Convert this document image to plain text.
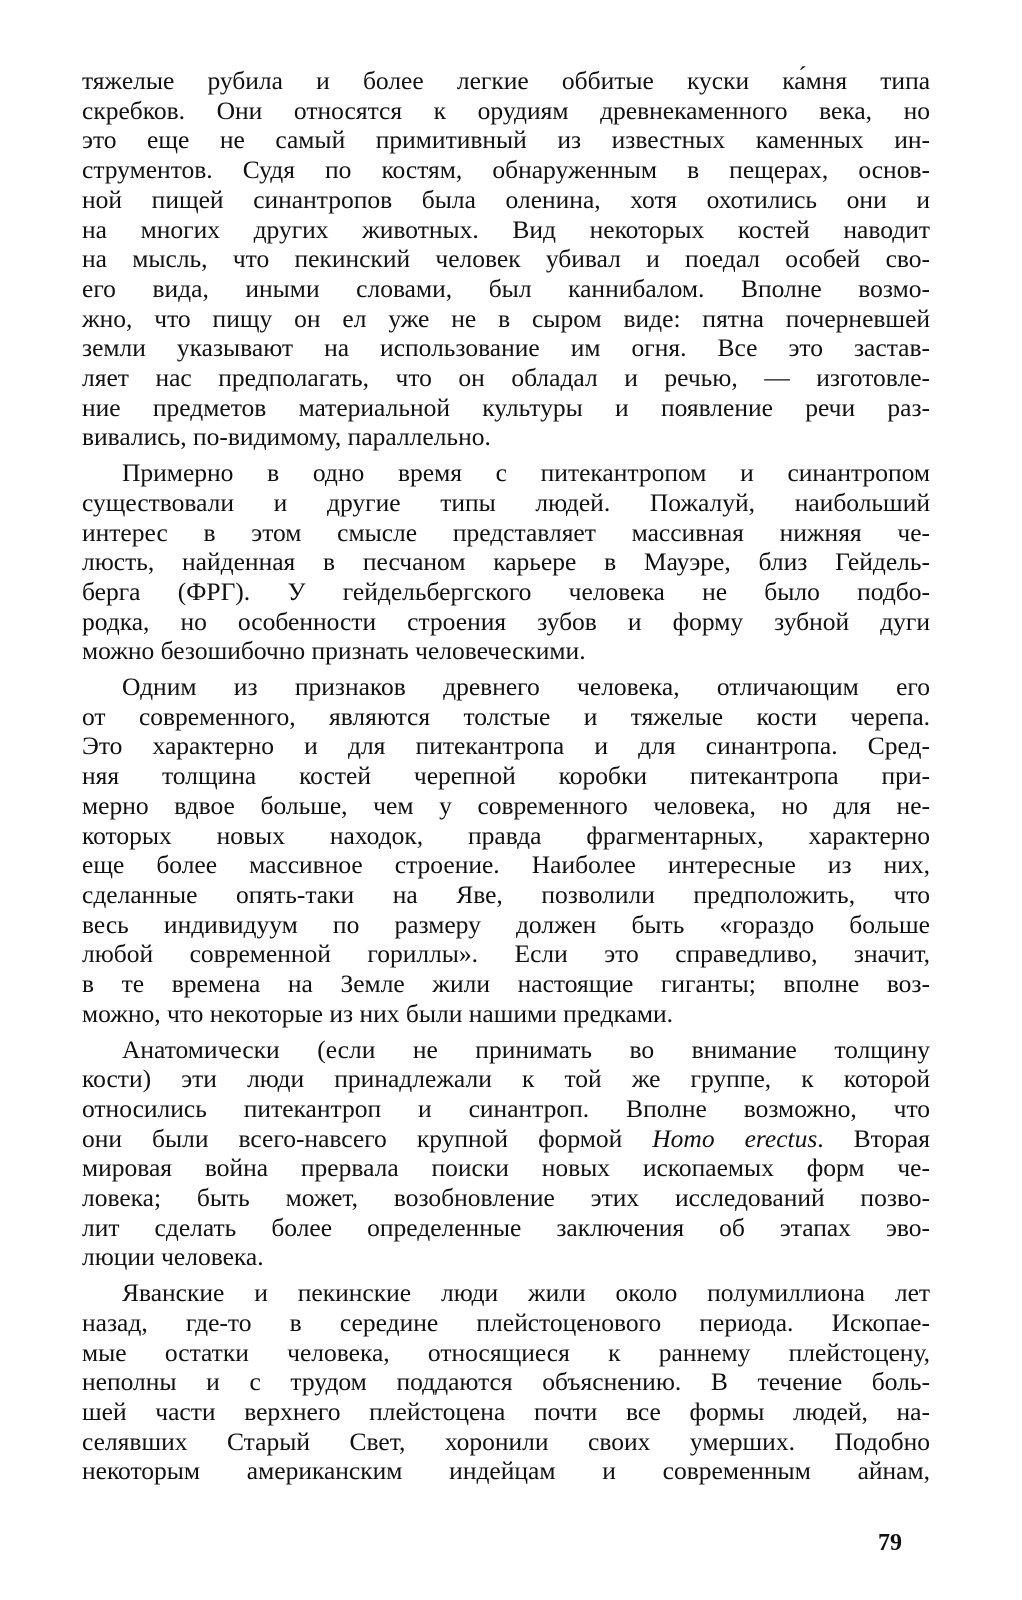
тяжелые рубила и более легкие оббитые куски ка́мня типа
скребков. Они относятся к орудиям древнекаменного века, но
это еще не самый примитивный из известных каменных ин-
струментов. Судя по костям, обнаруженным в пещерах, основ-
ной пищей синантропов была оленина, хотя охотились они и
на многих других животных. Вид некоторых костей наводит
на мысль, что пекинский человек убивал и поедал особей сво-
его вида, иными словами, был каннибалом. Вполне возмо-
жно, что пищу он ел уже не в сыром виде: пятна почерневшей
земли указывают на использование им огня. Все это застав-
ляет нас предполагать, что он обладал и речью, — изготовле-
ние предметов материальной культуры и появление речи раз-
вивались, по-видимому, параллельно.
Примерно в одно время с питекантропом и синантропом
существовали и другие типы людей. Пожалуй, наибольший
интерес в этом смысле представляет массивная нижняя че-
люсть, найденная в песчаном карьере в Мауэре, близ Гейдель-
берга (ФРГ). У гейдельбергского человека не было подбо-
родка, но особенности строения зубов и форму зубной дуги
можно безошибочно признать человеческими.
Одним из признаков древнего человека, отличающим его
от современного, являются толстые и тяжелые кости черепа.
Это характерно и для питекантропа и для синантропа. Сред-
няя толщина костей черепной коробки питекантропа при-
мерно вдвое больше, чем у современного человека, но для не-
которых новых находок, правда фрагментарных, характерно
еще более массивное строение. Наиболее интересные из них,
сделанные опять-таки на Яве, позволили предположить, что
весь индивидуум по размеру должен быть «гораздо больше
любой современной гориллы». Если это справедливо, значит,
в те времена на Земле жили настоящие гиганты; вполне воз-
можно, что некоторые из них были нашими предками.
Анатомически (если не принимать во внимание толщину
кости) эти люди принадлежали к той же группе, к которой
относились питекантроп и синантроп. Вполне возможно, что
они были всего-навсего крупной формой Homo erectus. Вторая
мировая война прервала поиски новых ископаемых форм че-
ловека; быть может, возобновление этих исследований позво-
лит сделать более определенные заключения об этапах эво-
люции человека.
Яванские и пекинские люди жили около полумиллиона лет
назад, где-то в середине плейстоценового периода. Ископае-
мые остатки человека, относящиеся к раннему плейстоцену,
неполны и с трудом поддаются объяснению. В течение боль-
шей части верхнего плейстоцена почти все формы людей, на-
селявших Старый Свет, хоронили своих умерших. Подобно
некоторым американским индейцам и современным айнам,
79
